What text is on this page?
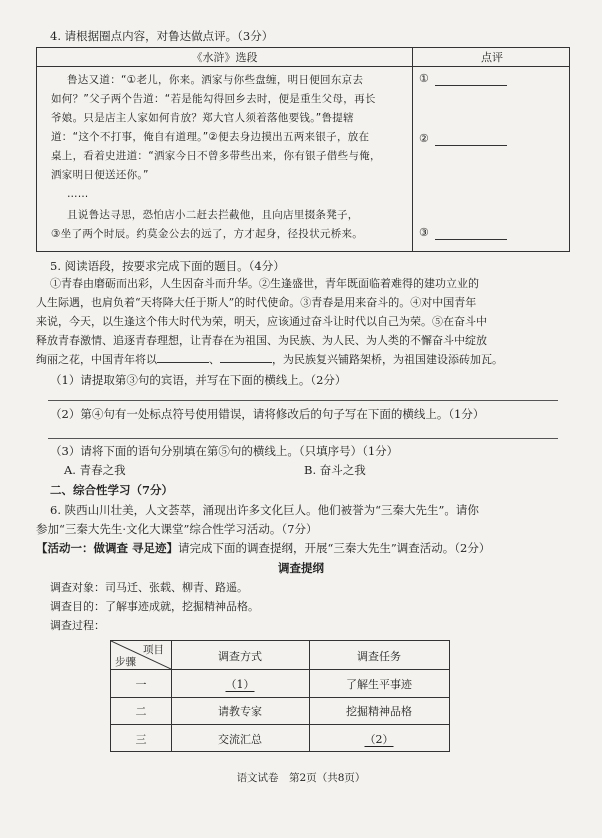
4. 请根据圈点内容，对鲁达做点评。（3分）
《水浒》选段	点评
鲁达又道：“①老儿，你来。洒家与你些盘缠，明日便回东京去
如何？”父子两个告道：“若是能勾得回乡去时，便是重生父母，再长
爷娘。只是店主人家如何肯放？郑大官人须着落他要钱。”鲁提辖
道：“这个不打事，俺自有道理。”②便去身边摸出五两来银子，放在
桌上，看着史进道：“洒家今日不曾多带些出来，你有银子借些与俺，
洒家明日便送还你。”
……
且说鲁达寻思，恐怕店小二赶去拦截他，且向店里掇条凳子，
③坐了两个时辰。约莫金公去的远了，方才起身，径投状元桥来。
①
②
③
5. 阅读语段，按要求完成下面的题目。（4分）
①青春由磨砺而出彩，人生因奋斗而升华。②生逢盛世，青年既面临着难得的建功立业的
人生际遇，也肩负着“天将降大任于斯人”的时代使命。③青春是用来奋斗的。④对中国青年
来说，今天，以生逢这个伟大时代为荣，明天，应该通过奋斗让时代以自己为荣。⑤在奋斗中
释放青春激情、追逐青春理想，让青春在为祖国、为民族、为人民、为人类的不懈奋斗中绽放
绚丽之花，中国青年将以	、	，为民族复兴铺路架桥，为祖国建设添砖加瓦。
（1）请提取第③句的宾语，并写在下面的横线上。（2分）
（2）第④句有一处标点符号使用错误，请将修改后的句子写在下面的横线上。（1分）
（3）请将下面的语句分别填在第⑤句的横线上。（只填序号）（1分）
A. 青春之我	B. 奋斗之我
二、综合性学习（7分）
6. 陕西山川壮美，人文荟萃，涌现出许多文化巨人。他们被誉为“三秦大先生”。请你
参加“三秦大先生·文化大课堂”综合性学习活动。（7分）
【活动一：做调查 寻足迹】请完成下面的调查提纲，开展“三秦大先生”调查活动。（2分）
调查提纲
调查对象：司马迁、张载、柳青、路遥。
调查目的：了解事迹成就，挖掘精神品格。
调查过程：
项目
步骤	调查方式	调查任务
一	（1）	了解生平事迹
二	请教专家	挖掘精神品格
三	交流汇总	（2）
语文试卷　第2页（共8页）
